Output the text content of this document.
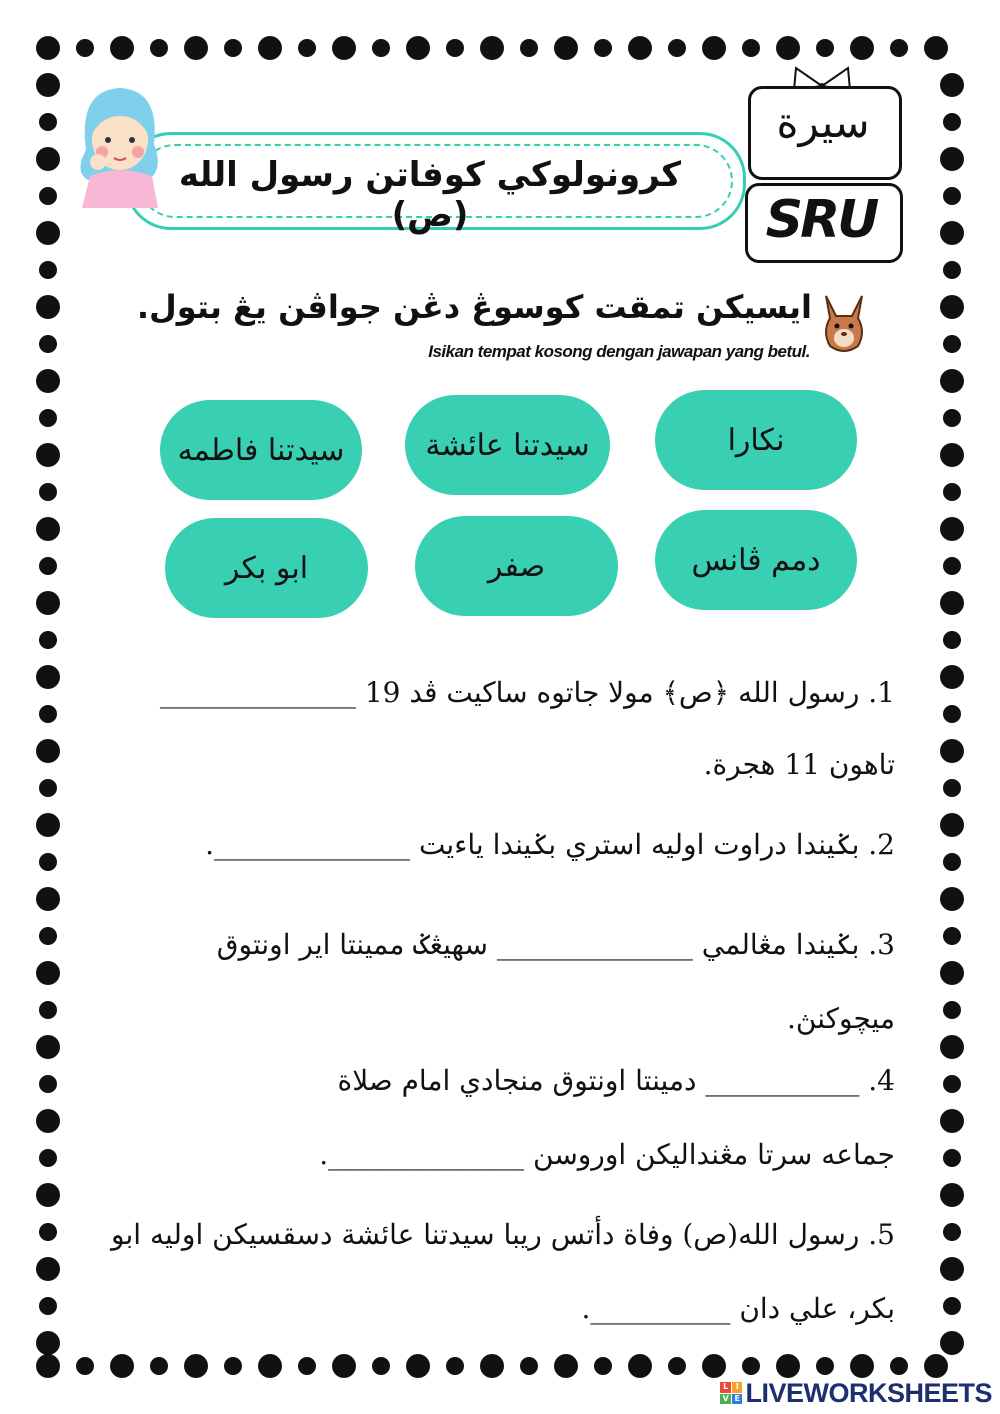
كرونولوكي كوفاتن رسول الله (ص)
سيرة
SRU
ايسيكن تمقت كوسوڠ دڠن جواڤن يڠ بتول.
Isikan tempat kosong dengan jawapan yang betul.
نكارا
سيدتنا عائشة
سيدتنا فاطمه
دمم ڤانس
صفر
ابو بكر
1. رسول الله ﴿ص﴾ مولا جاتوه ساكيت ڤد 19 ______________
تاهون 11 هجرة.
2. بݢيندا دراوت اوليه استري بݢيندا ياءيت ______________.
3. بݢيندا مڠالمي ______________ سهيڠݢ ممينتا اير اونتوق
ميچوكنڽ.
4. ___________ دمينتا اونتوق منجادي امام صلاة
جماعه سرتا مڠنداليكن اوروسن ______________.
5. رسول الله(ص) وفاة دأتس ريبا سيدتنا عائشة دسقسيكن اوليه ابو
بكر، علي دان __________.
L I
V E LIVEWORKSHEETS
